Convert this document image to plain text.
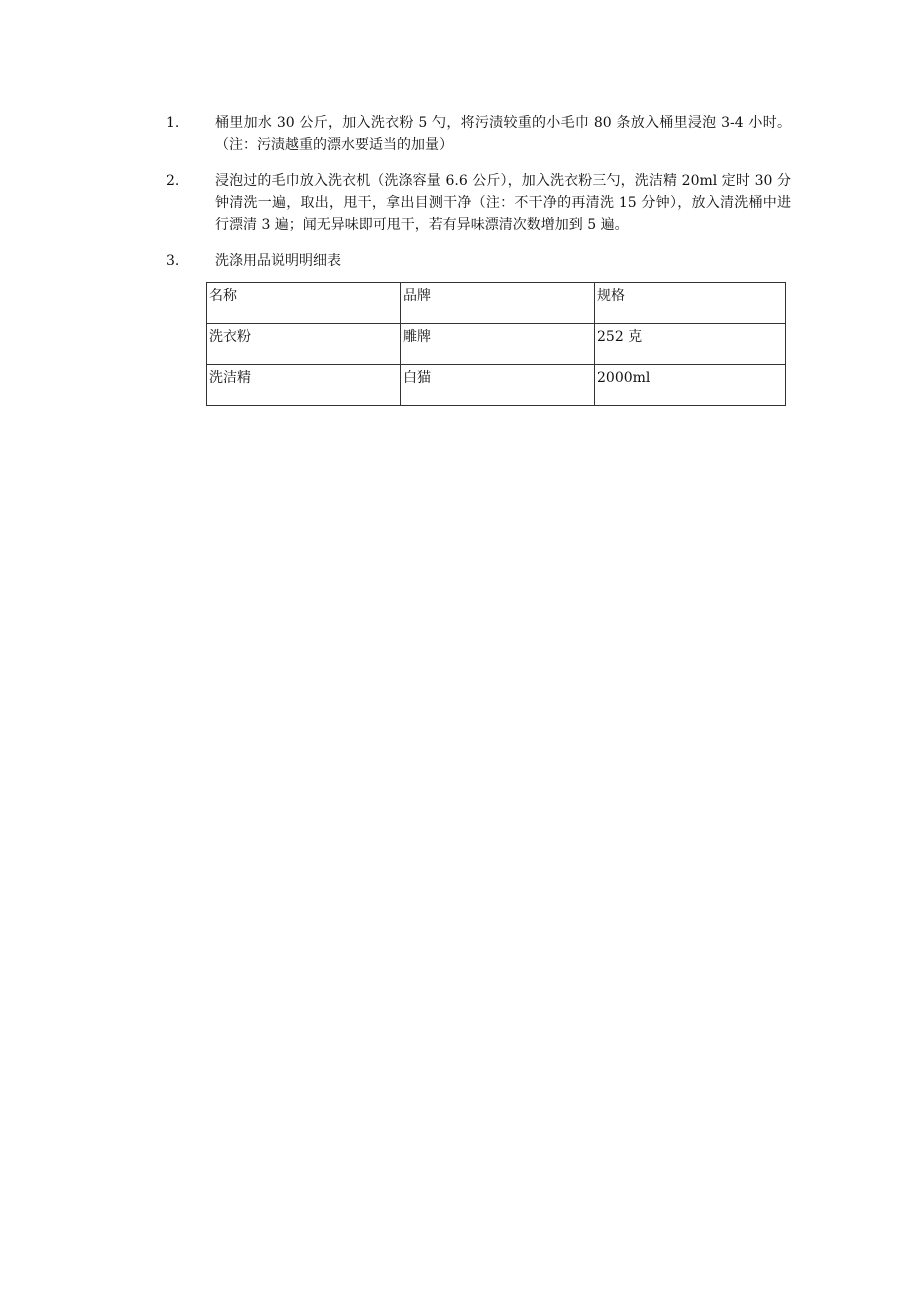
1.	桶里加水 30 公斤，加入洗衣粉 5 勺，将污渍较重的小毛巾 80 条放入桶里浸泡 3-4 小时。（注：污渍越重的漂水要适当的加量）
2.	浸泡过的毛巾放入洗衣机（洗涤容量 6.6 公斤），加入洗衣粉三勺，洗洁精 20ml 定时 30 分钟清洗一遍，取出，甩干，拿出目测干净（注：不干净的再清洗 15 分钟），放入清洗桶中进行漂清 3 遍；闻无异味即可甩干，若有异味漂清次数增加到 5 遍。
3.	洗涤用品说明明细表
名称	品牌	规格
洗衣粉	雕牌	252 克
洗洁精	白猫	2000ml
